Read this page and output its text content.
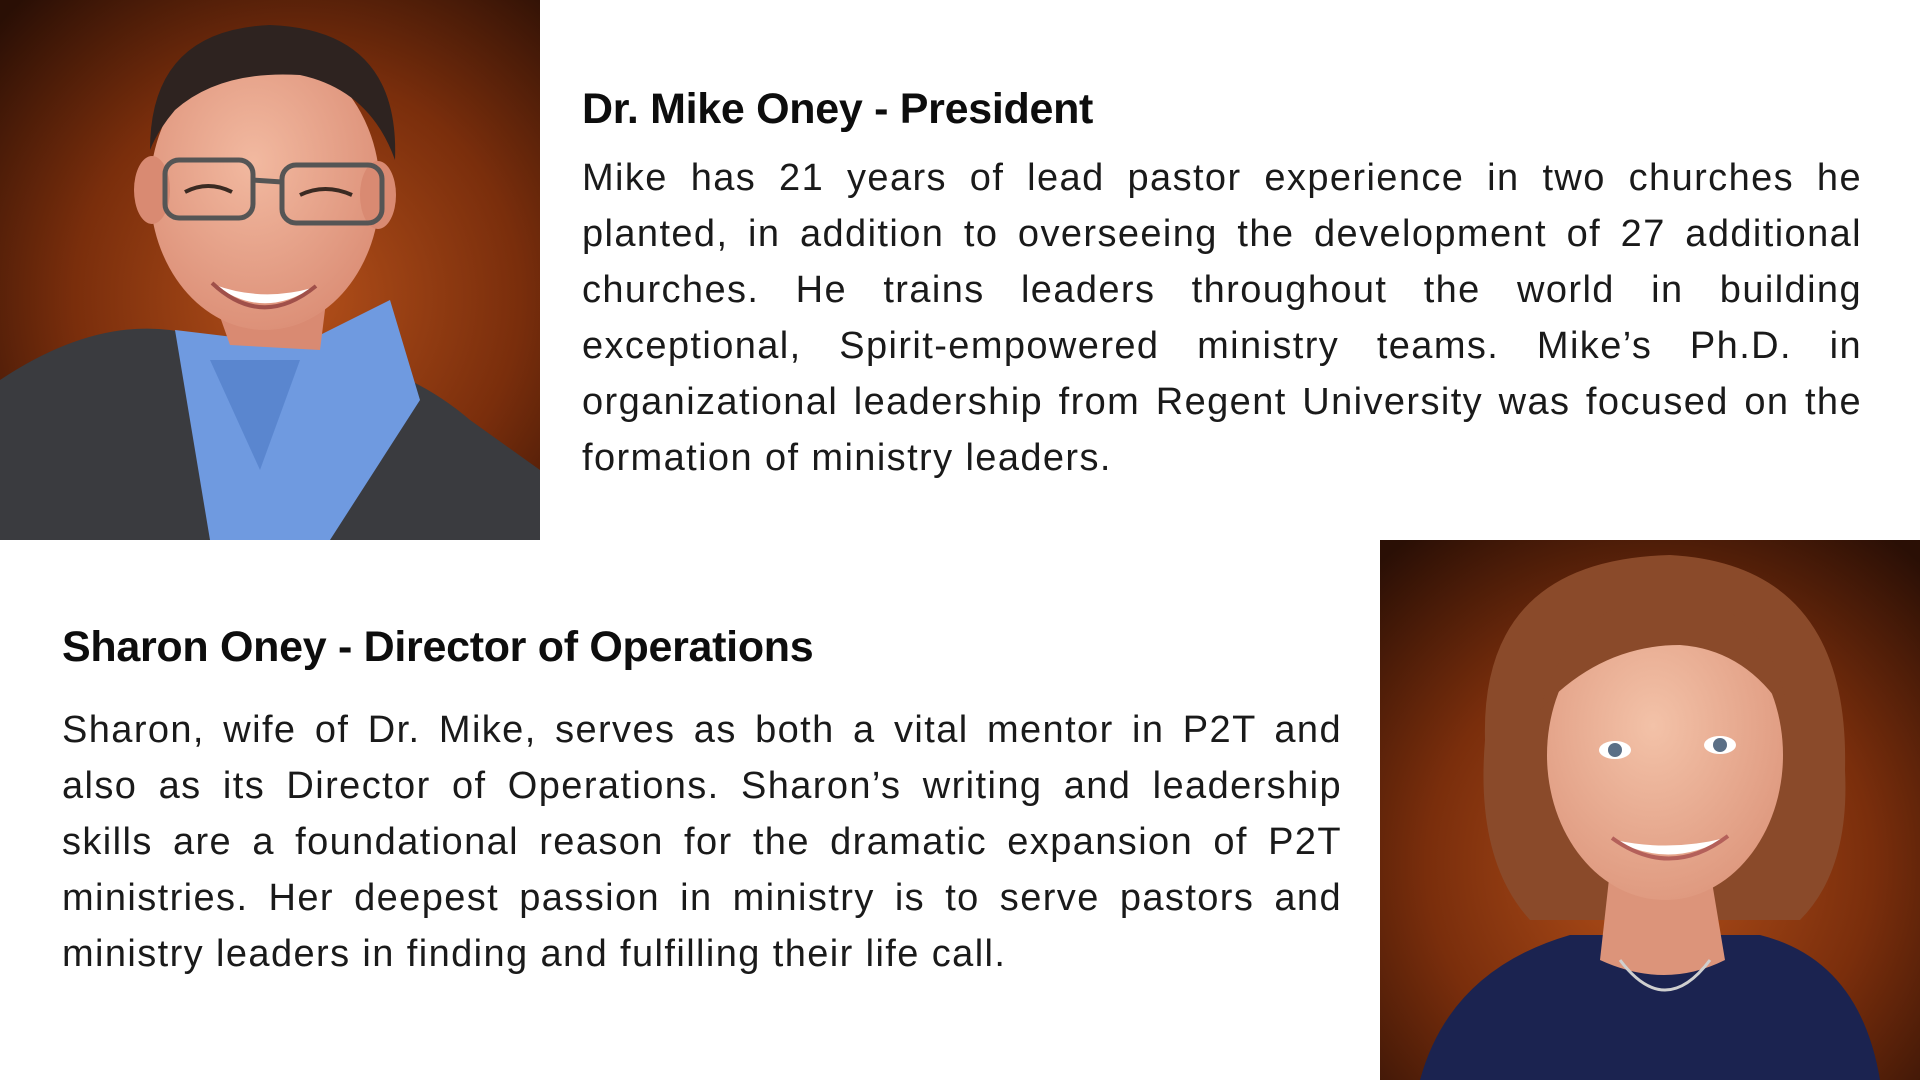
Dr. Mike Oney - President

Mike has 21 years of lead pastor experience in two churches he planted, in addition to overseeing the development of 27 additional churches. He trains leaders throughout the world in building exceptional, Spirit-empowered ministry teams. Mike’s Ph.D. in organizational leadership from Regent University was focused on the formation of ministry leaders.

Sharon Oney - Director of Operations

Sharon, wife of Dr. Mike, serves as both a vital mentor in P2T and also as its Director of Operations. Sharon’s writing and leadership skills are a foundational reason for the dramatic expansion of P2T ministries. Her deepest passion in ministry is to serve pastors and ministry leaders in finding and fulfilling their life call.
